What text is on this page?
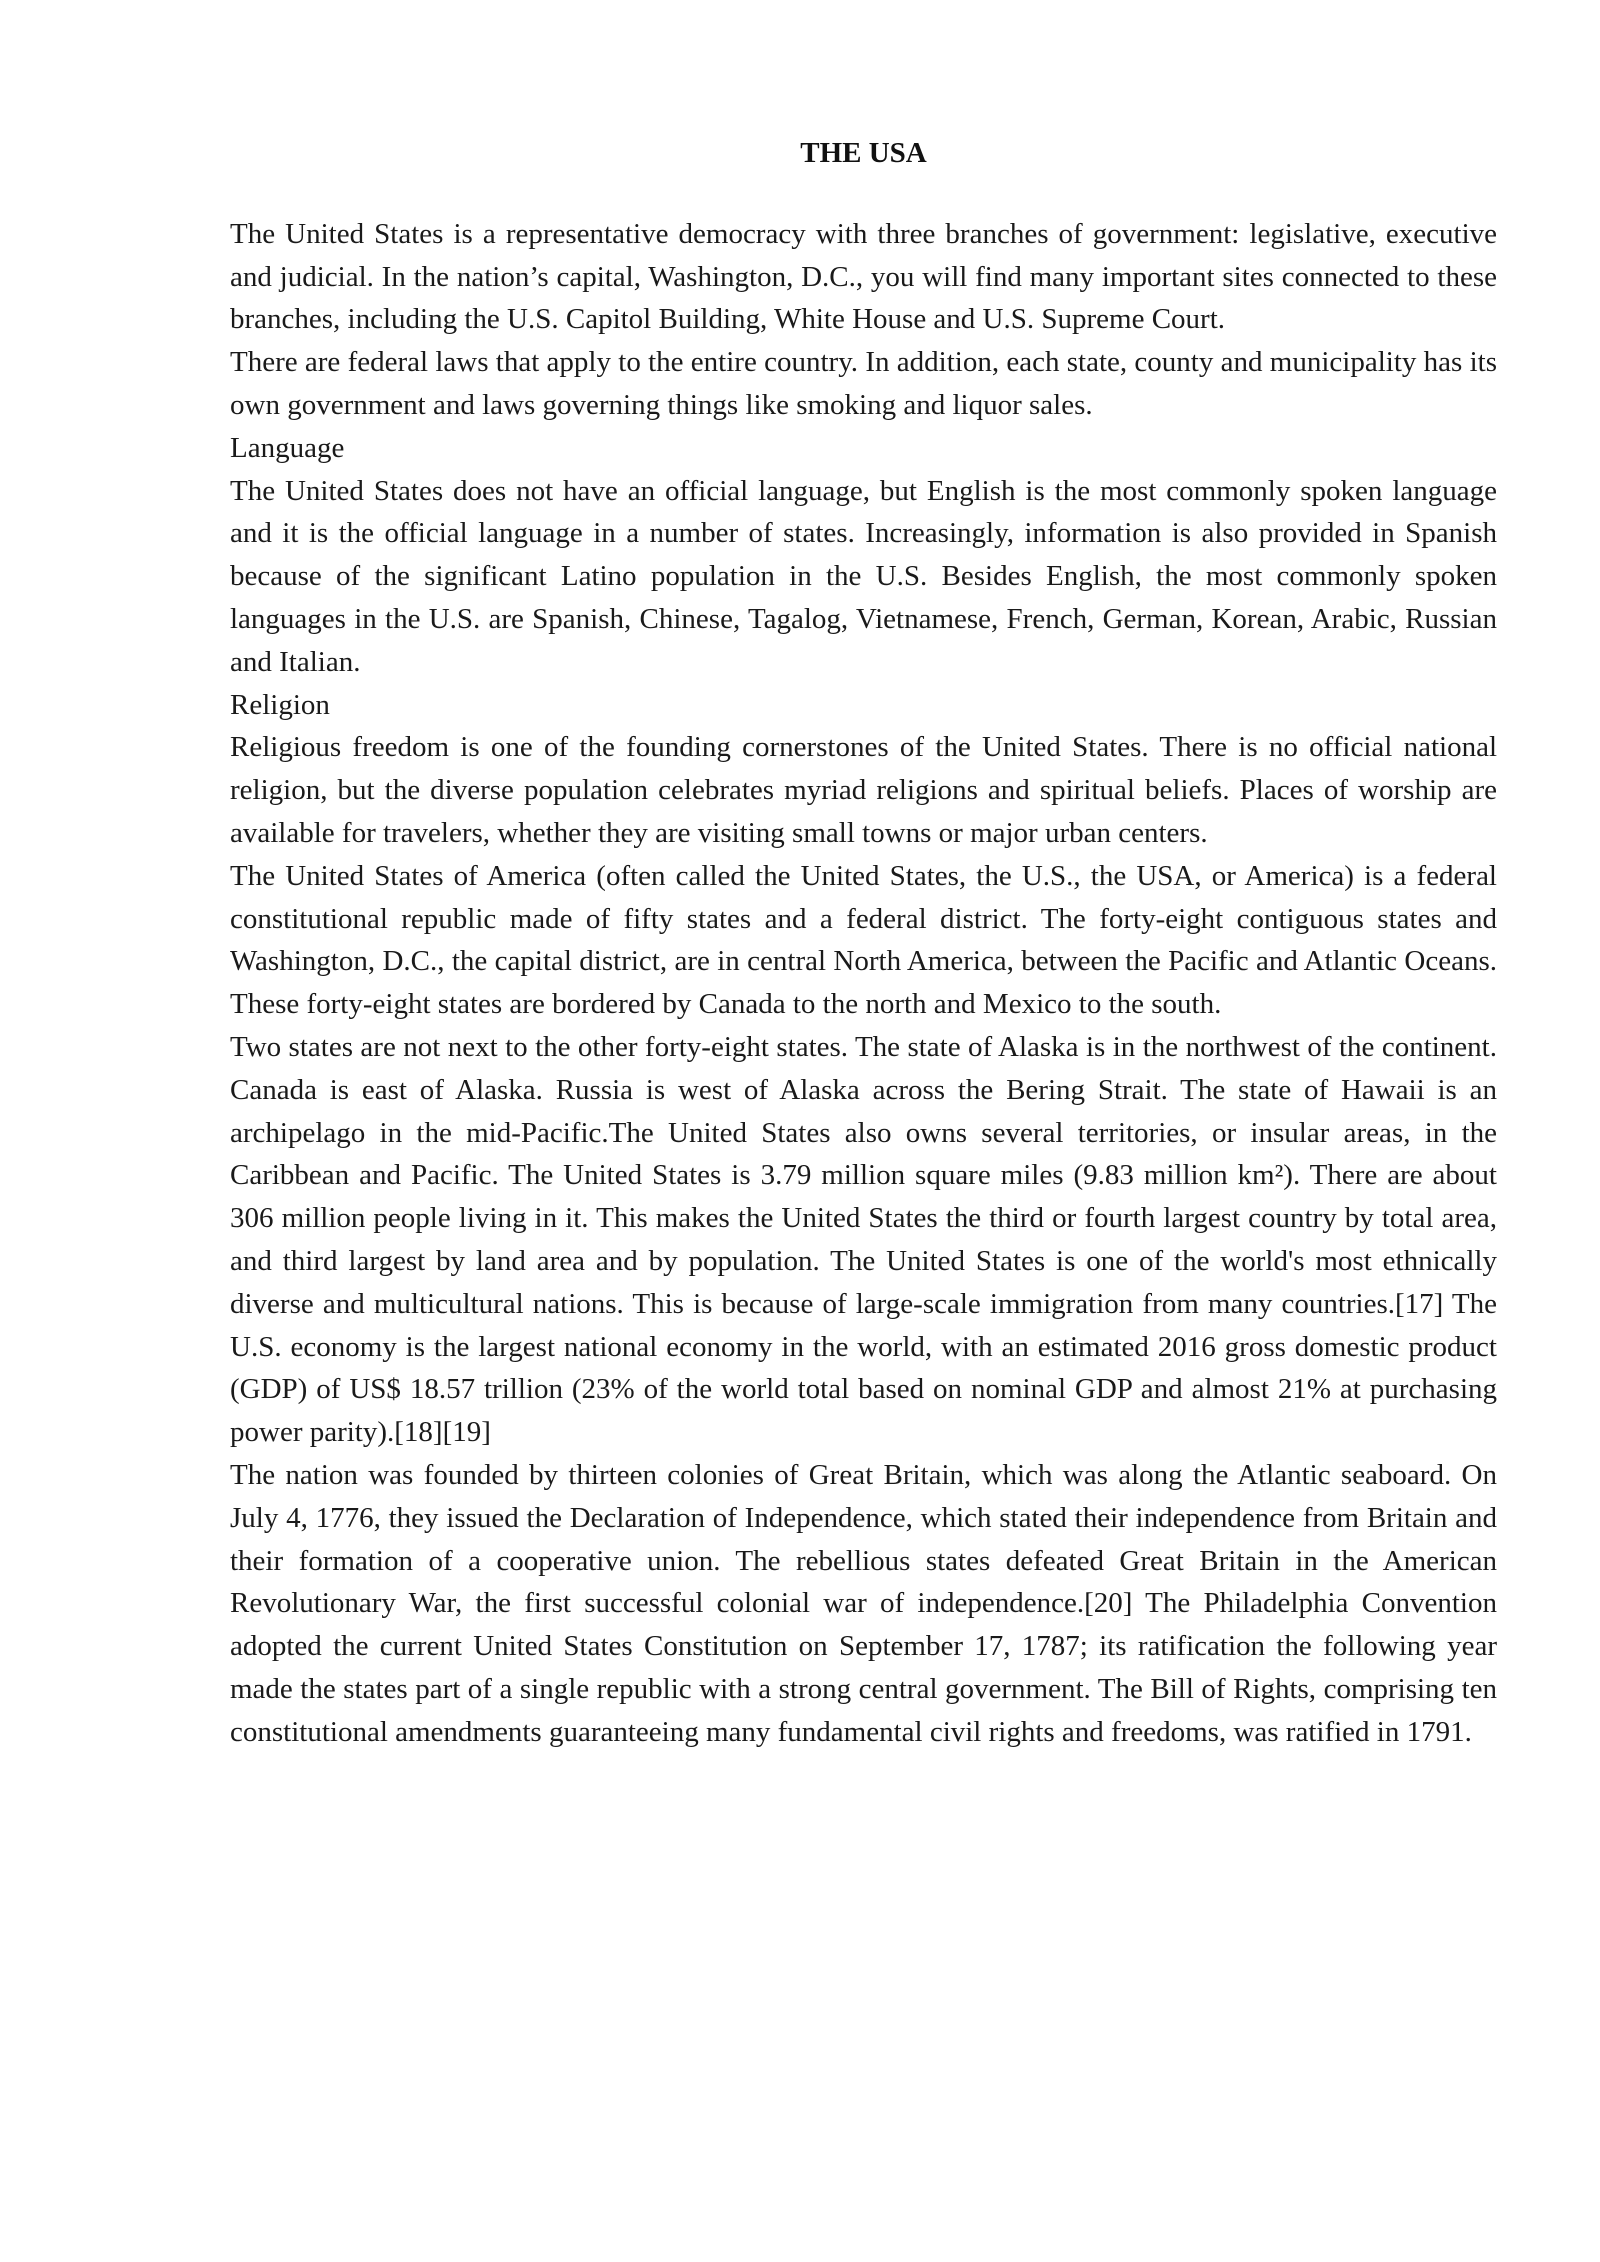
THE USA

The United States is a representative democracy with three branches of government: legislative, executive and judicial. In the nation’s capital, Washington, D.C., you will find many important sites connected to these branches, including the U.S. Capitol Building, White House and U.S. Supreme Court.

There are federal laws that apply to the entire country. In addition, each state, county and municipality has its own government and laws governing things like smoking and liquor sales.

Language

The United States does not have an official language, but English is the most commonly spoken language and it is the official language in a number of states. Increasingly, information is also provided in Spanish because of the significant Latino population in the U.S. Besides English, the most commonly spoken languages in the U.S. are Spanish, Chinese, Tagalog, Vietnamese, French, German, Korean, Arabic, Russian and Italian.

Religion

Religious freedom is one of the founding cornerstones of the United States. There is no official national religion, but the diverse population celebrates myriad religions and spiritual beliefs. Places of worship are available for travelers, whether they are visiting small towns or major urban centers.

The United States of America (often called the United States, the U.S., the USA, or America) is a federal constitutional republic made of fifty states and a federal district. The forty-eight contiguous states and Washington, D.C., the capital district, are in central North America, between the Pacific and Atlantic Oceans. These forty-eight states are bordered by Canada to the north and Mexico to the south.

Two states are not next to the other forty-eight states. The state of Alaska is in the northwest of the continent. Canada is east of Alaska. Russia is west of Alaska across the Bering Strait. The state of Hawaii is an archipelago in the mid-Pacific.The United States also owns several territories, or insular areas, in the Caribbean and Pacific. The United States is 3.79 million square miles (9.83 million km²). There are about 306 million people living in it. This makes the United States the third or fourth largest country by total area, and third largest by land area and by population. The United States is one of the world's most ethnically diverse and multicultural nations. This is because of large-scale immigration from many countries.[17] The U.S. economy is the largest national economy in the world, with an estimated 2016 gross domestic product (GDP) of US$ 18.57 trillion (23% of the world total based on nominal GDP and almost 21% at purchasing power parity).[18][19]

The nation was founded by thirteen colonies of Great Britain, which was along the Atlantic seaboard. On July 4, 1776, they issued the Declaration of Independence, which stated their independence from Britain and their formation of a cooperative union. The rebellious states defeated Great Britain in the American Revolutionary War, the first successful colonial war of independence.[20] The Philadelphia Convention adopted the current United States Constitution on September 17, 1787; its ratification the following year made the states part of a single republic with a strong central government. The Bill of Rights, comprising ten constitutional amendments guaranteeing many fundamental civil rights and freedoms, was ratified in 1791.
